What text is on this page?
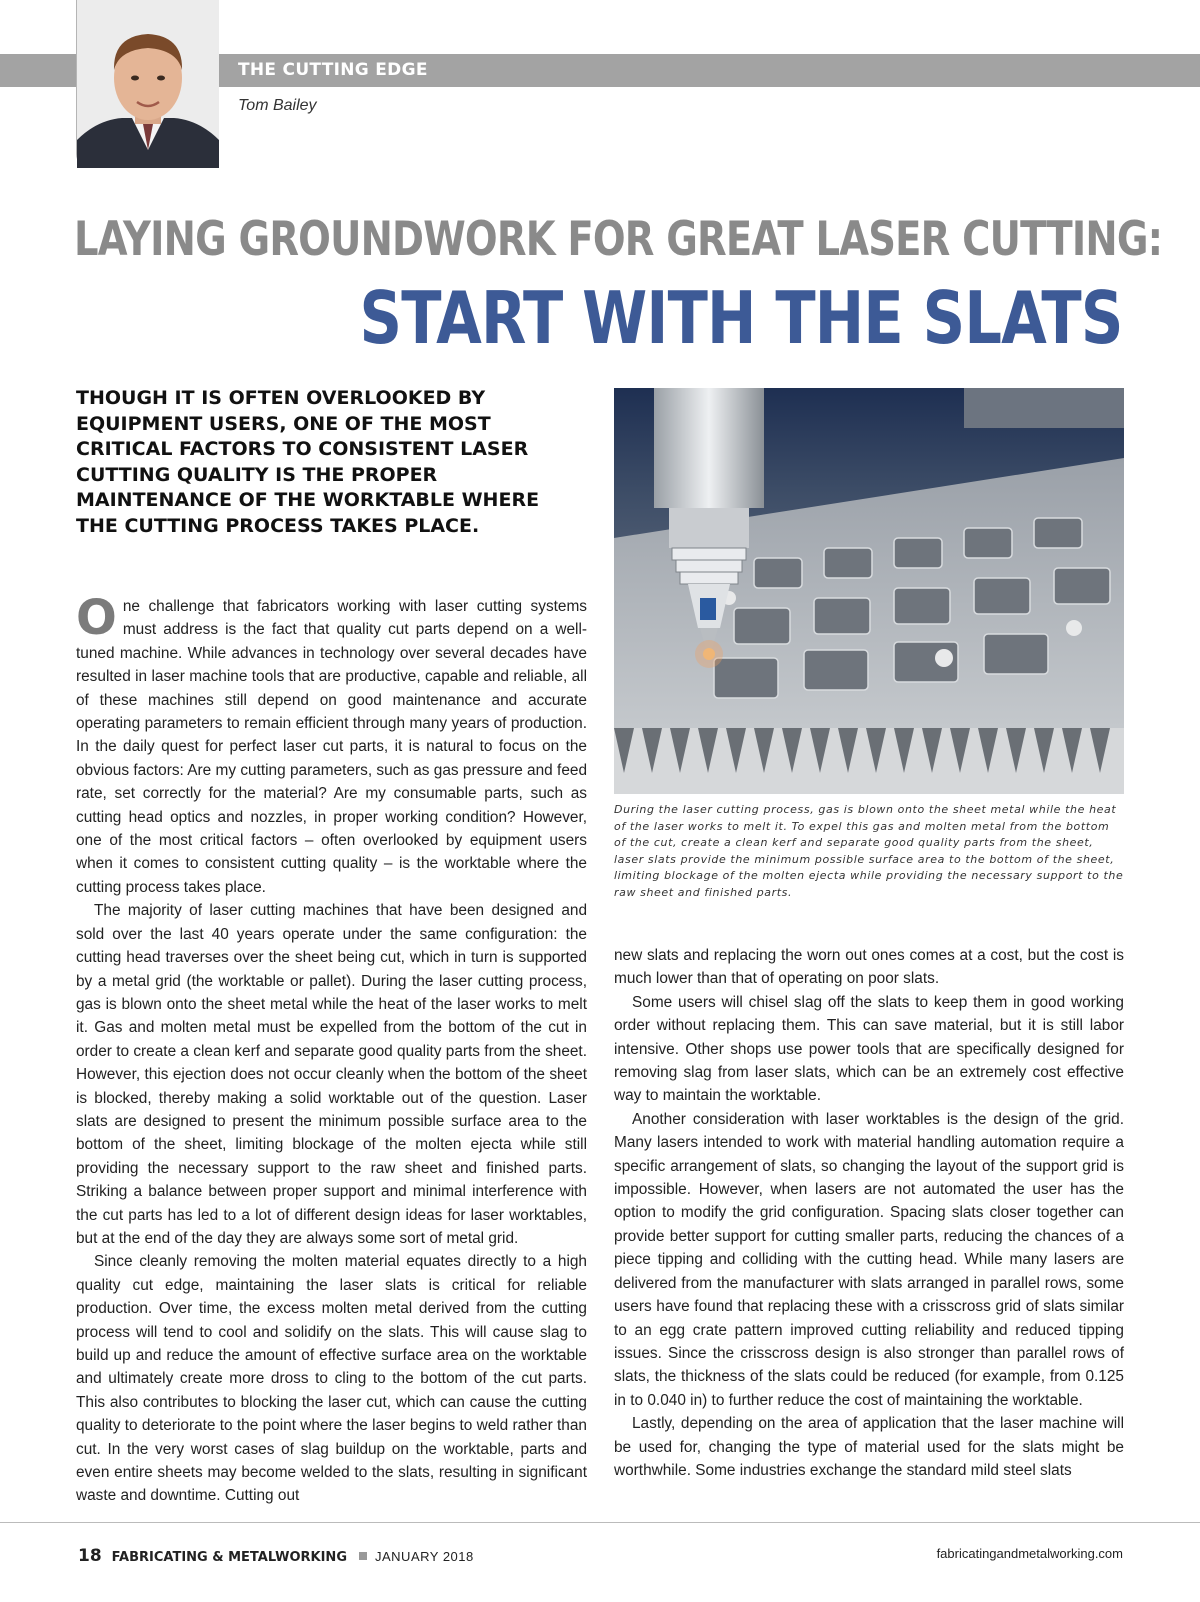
THE CUTTING EDGE
Tom Bailey
LAYING GROUNDWORK FOR GREAT LASER CUTTING:
START WITH THE SLATS
THOUGH IT IS OFTEN OVERLOOKED BY EQUIPMENT USERS, ONE OF THE MOST CRITICAL FACTORS TO CONSISTENT LASER CUTTING QUALITY IS THE PROPER MAINTENANCE OF THE WORKTABLE WHERE THE CUTTING PROCESS TAKES PLACE.

One challenge that fabricators working with laser cutting systems must address is the fact that quality cut parts depend on a well-tuned machine. While advances in technology over several decades have resulted in laser machine tools that are productive, capable and reliable, all of these machines still depend on good maintenance and accurate operating parameters to remain efficient through many years of production. In the daily quest for perfect laser cut parts, it is natural to focus on the obvious factors: Are my cutting parameters, such as gas pressure and feed rate, set correctly for the material? Are my consumable parts, such as cutting head optics and nozzles, in proper working condition? However, one of the most critical factors – often overlooked by equipment users when it comes to consistent cutting quality – is the worktable where the cutting process takes place.

The majority of laser cutting machines that have been designed and sold over the last 40 years operate under the same configuration: the cutting head traverses over the sheet being cut, which in turn is supported by a metal grid (the worktable or pallet). During the laser cutting process, gas is blown onto the sheet metal while the heat of the laser works to melt it. Gas and molten metal must be expelled from the bottom of the cut in order to create a clean kerf and separate good quality parts from the sheet. However, this ejection does not occur cleanly when the bottom of the sheet is blocked, thereby making a solid worktable out of the question. Laser slats are designed to present the minimum possible surface area to the bottom of the sheet, limiting blockage of the molten ejecta while still providing the necessary support to the raw sheet and finished parts. Striking a balance between proper support and minimal interference with the cut parts has led to a lot of different design ideas for laser worktables, but at the end of the day they are always some sort of metal grid.

Since cleanly removing the molten material equates directly to a high quality cut edge, maintaining the laser slats is critical for reliable production. Over time, the excess molten metal derived from the cutting process will tend to cool and solidify on the slats. This will cause slag to build up and reduce the amount of effective surface area on the worktable and ultimately create more dross to cling to the bottom of the cut parts. This also contributes to blocking the laser cut, which can cause the cutting quality to deteriorate to the point where the laser begins to weld rather than cut. In the very worst cases of slag buildup on the worktable, parts and even entire sheets may become welded to the slats, resulting in significant waste and downtime. Cutting out

During the laser cutting process, gas is blown onto the sheet metal while the heat of the laser works to melt it. To expel this gas and molten metal from the bottom of the cut, create a clean kerf and separate good quality parts from the sheet, laser slats provide the minimum possible surface area to the bottom of the sheet, limiting blockage of the molten ejecta while providing the necessary support to the raw sheet and finished parts.

new slats and replacing the worn out ones comes at a cost, but the cost is much lower than that of operating on poor slats.

Some users will chisel slag off the slats to keep them in good working order without replacing them. This can save material, but it is still labor intensive. Other shops use power tools that are specifically designed for removing slag from laser slats, which can be an extremely cost effective way to maintain the worktable.

Another consideration with laser worktables is the design of the grid. Many lasers intended to work with material handling automation require a specific arrangement of slats, so changing the layout of the support grid is impossible. However, when lasers are not automated the user has the option to modify the grid configuration. Spacing slats closer together can provide better support for cutting smaller parts, reducing the chances of a piece tipping and colliding with the cutting head. While many lasers are delivered from the manufacturer with slats arranged in parallel rows, some users have found that replacing these with a crisscross grid of slats similar to an egg crate pattern improved cutting reliability and reduced tipping issues. Since the crisscross design is also stronger than parallel rows of slats, the thickness of the slats could be reduced (for example, from 0.125 in to 0.040 in) to further reduce the cost of maintaining the worktable.

Lastly, depending on the area of application that the laser machine will be used for, changing the type of material used for the slats might be worthwhile. Some industries exchange the standard mild steel slats

18 FABRICATING & METALWORKING JANUARY 2018	fabricatingandmetalworking.com
